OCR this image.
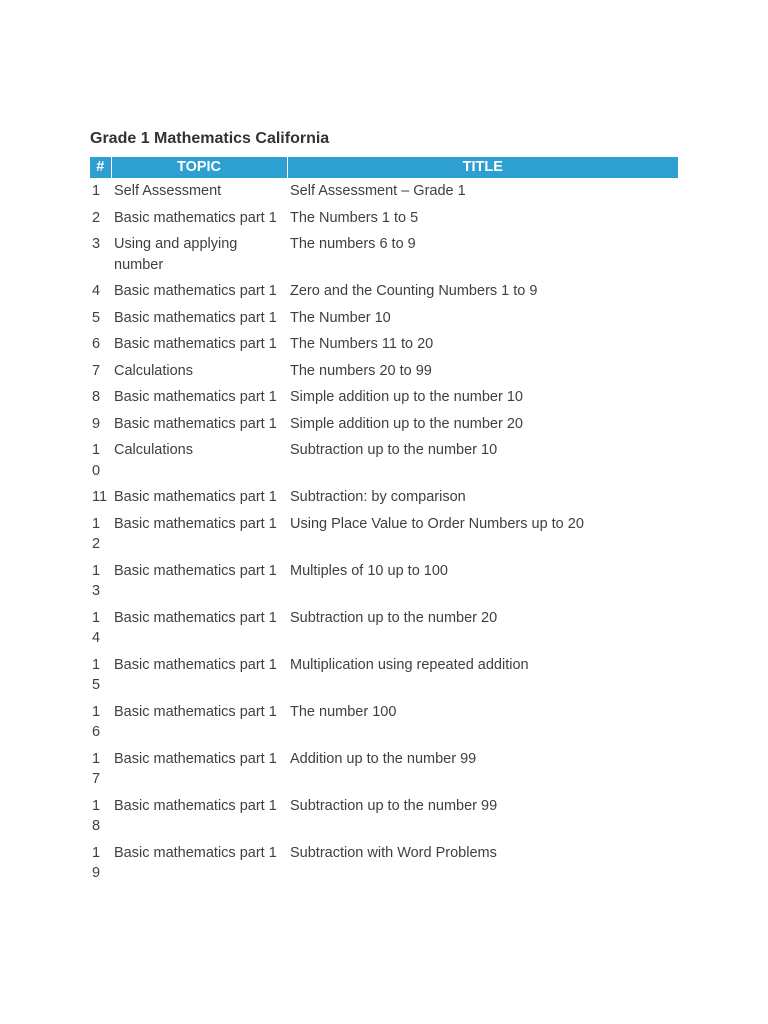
Grade 1 Mathematics California
#	TOPIC	TITLE
1	Self Assessment	Self Assessment – Grade 1
2	Basic mathematics part 1	The Numbers 1 to 5
3	Using and applying number	The numbers 6 to 9
4	Basic mathematics part 1	Zero and the Counting Numbers 1 to 9
5	Basic mathematics part 1	The Number 10
6	Basic mathematics part 1	The Numbers 11 to 20
7	Calculations	The numbers 20 to 99
8	Basic mathematics part 1	Simple addition up to the number 10
9	Basic mathematics part 1	Simple addition up to the number 20
10	Calculations	Subtraction up to the number 10
11	Basic mathematics part 1	Subtraction: by comparison
12	Basic mathematics part 1	Using Place Value to Order Numbers up to 20
13	Basic mathematics part 1	Multiples of 10 up to 100
14	Basic mathematics part 1	Subtraction up to the number 20
15	Basic mathematics part 1	Multiplication using repeated addition
16	Basic mathematics part 1	The number 100
17	Basic mathematics part 1	Addition up to the number 99
18	Basic mathematics part 1	Subtraction up to the number 99
19	Basic mathematics part 1	Subtraction with Word Problems
